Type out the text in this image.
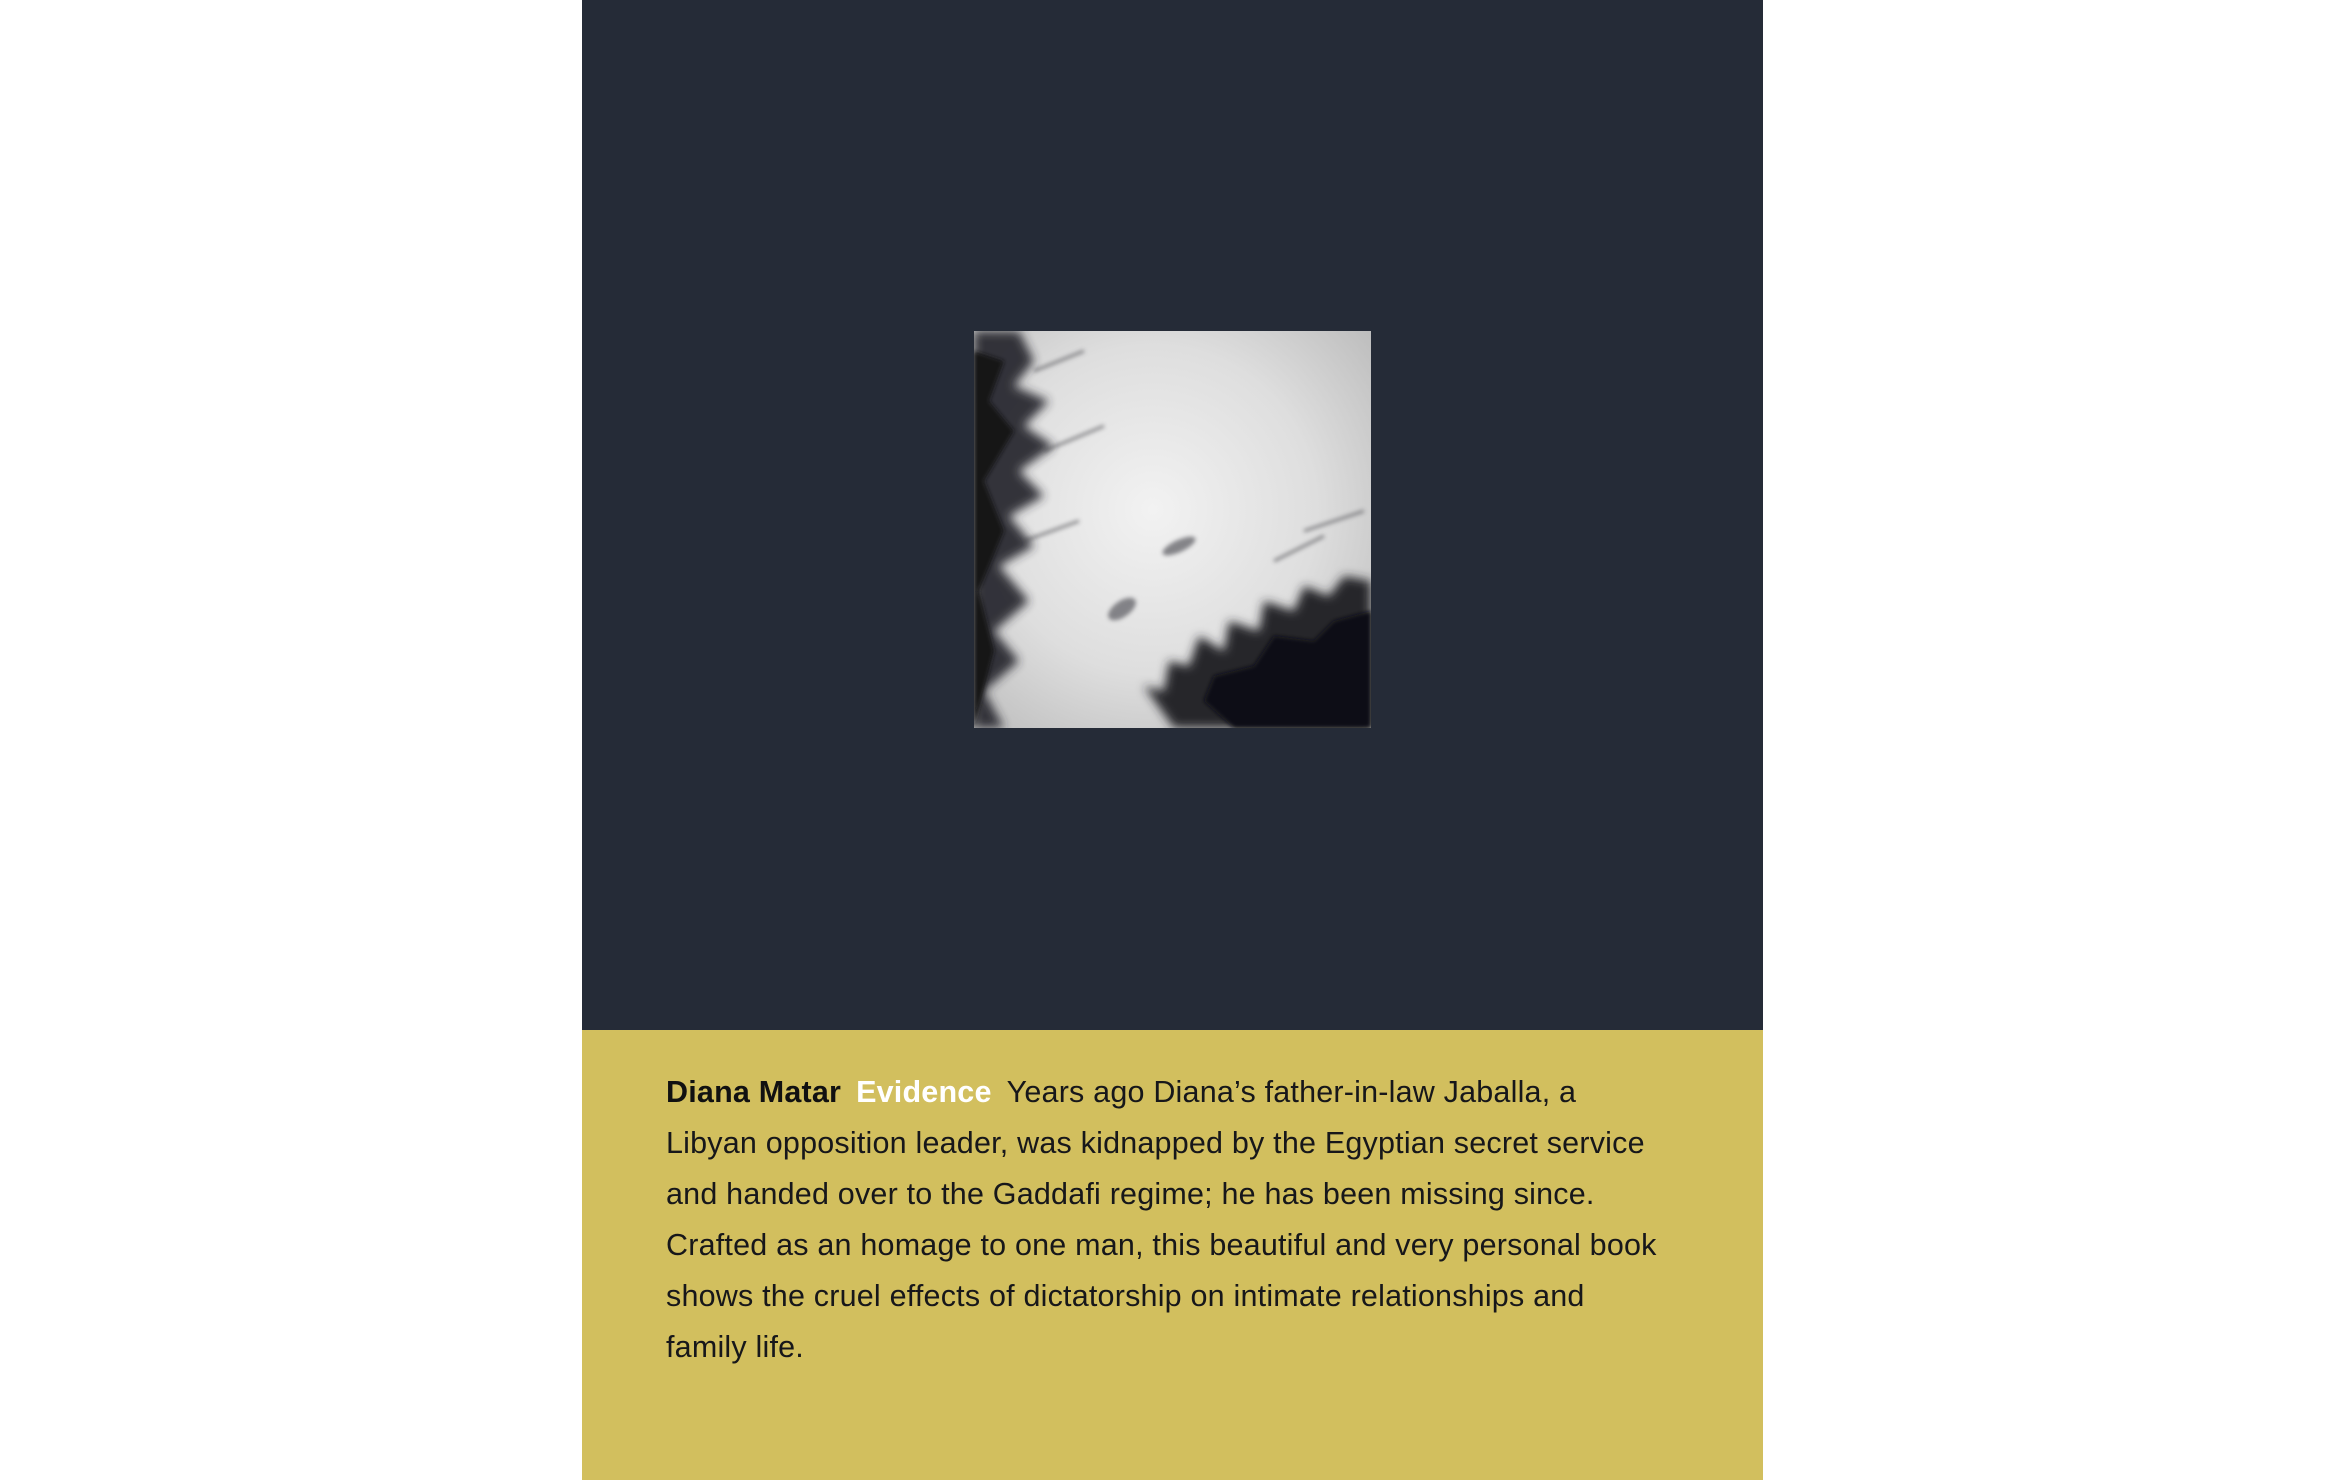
Diana Matar Evidence Years ago Diana’s father-in-law Jaballa, a Libyan opposition leader, was kidnapped by the Egyptian secret service and handed over to the Gaddafi regime; he has been missing since.
Crafted as an homage to one man, this beautiful and very personal book shows the cruel effects of dictatorship on intimate relationships and family life.
